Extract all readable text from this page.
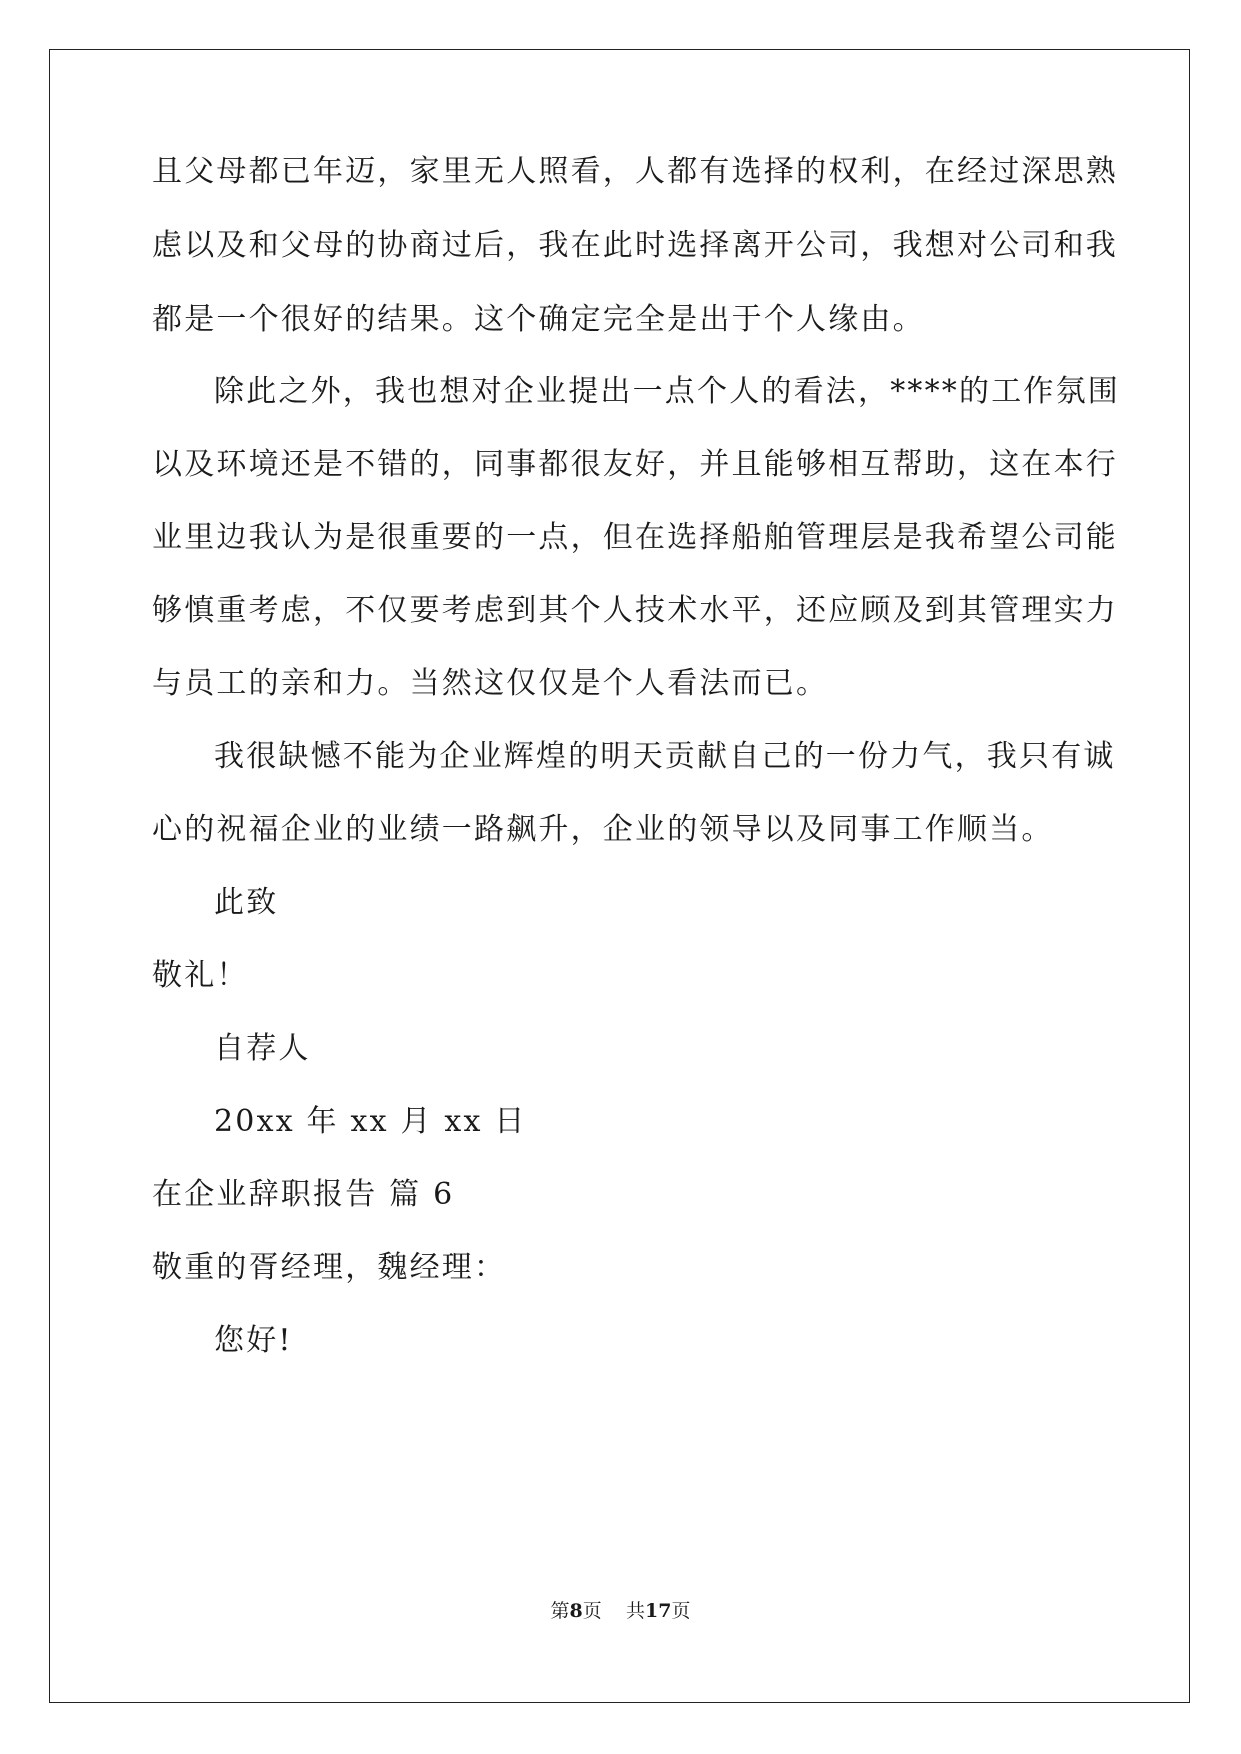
且父母都已年迈，家里无人照看，人都有选择的权利，在经过深思熟
虑以及和父母的协商过后，我在此时选择离开公司，我想对公司和我
都是一个很好的结果。这个确定完全是出于个人缘由。
除此之外，我也想对企业提出一点个人的看法，****的工作氛围
以及环境还是不错的，同事都很友好，并且能够相互帮助，这在本行
业里边我认为是很重要的一点，但在选择船舶管理层是我希望公司能
够慎重考虑，不仅要考虑到其个人技术水平，还应顾及到其管理实力
与员工的亲和力。当然这仅仅是个人看法而已。
我很缺憾不能为企业辉煌的明天贡献自己的一份力气，我只有诚
心的祝福企业的业绩一路飙升，企业的领导以及同事工作顺当。
此致
敬礼！
自荐人
20xx 年 xx 月 xx 日
在企业辞职报告 篇 6
敬重的胥经理，魏经理：
您好!
第8页 共17页
